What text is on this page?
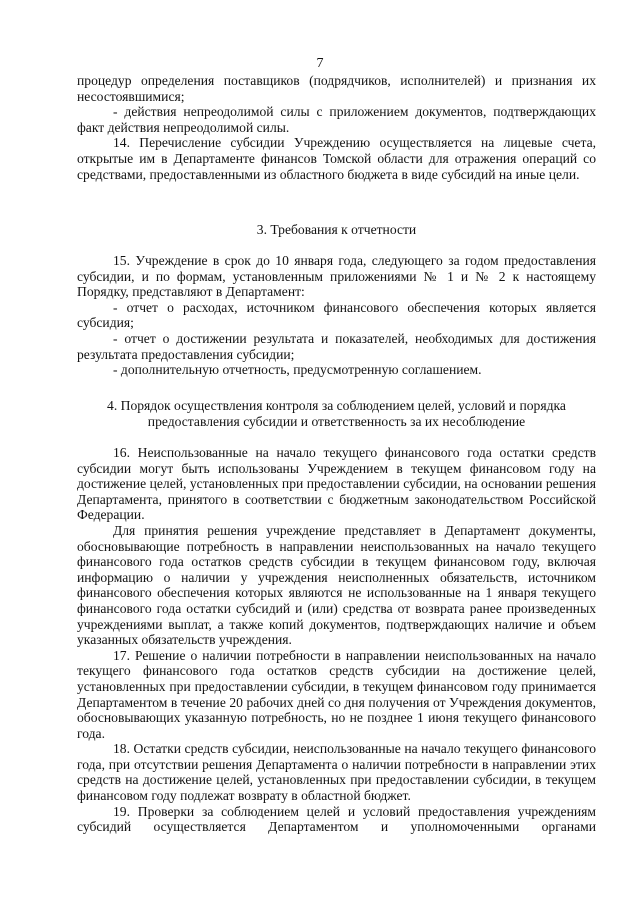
7

процедур определения поставщиков (подрядчиков, исполнителей) и признания их несостоявшимися;

- действия непреодолимой силы с приложением документов, подтверждающих факт действия непреодолимой силы.

14. Перечисление субсидии Учреждению осуществляется на лицевые счета, открытые им в Департаменте финансов Томской области для отражения операций со средствами, предоставленными из областного бюджета в виде субсидий на иные цели.

3. Требования к отчетности

15. Учреждение в срок до 10 января года, следующего за годом предоставления субсидии, и по формам, установленным приложениями № 1 и № 2 к настоящему Порядку, представляют в Департамент:

- отчет о расходах, источником финансового обеспечения которых является субсидия;

- отчет о достижении результата и показателей, необходимых для достижения результата предоставления субсидии;

- дополнительную отчетность, предусмотренную соглашением.

4. Порядок осуществления контроля за соблюдением целей, условий и порядка предоставления субсидии и ответственность за их несоблюдение

16. Неиспользованные на начало текущего финансового года остатки средств субсидии могут быть использованы Учреждением в текущем финансовом году на достижение целей, установленных при предоставлении субсидии, на основании решения Департамента, принятого в соответствии с бюджетным законодательством Российской Федерации.

Для принятия решения учреждение представляет в Департамент документы, обосновывающие потребность в направлении неиспользованных на начало текущего финансового года остатков средств субсидии в текущем финансовом году, включая информацию о наличии у учреждения неисполненных обязательств, источником финансового обеспечения которых являются не использованные на 1 января текущего финансового года остатки субсидий и (или) средства от возврата ранее произведенных учреждениями выплат, а также копий документов, подтверждающих наличие и объем указанных обязательств учреждения.

17. Решение о наличии потребности в направлении неиспользованных на начало текущего финансового года остатков средств субсидии на достижение целей, установленных при предоставлении субсидии, в текущем финансовом году принимается Департаментом в течение 20 рабочих дней со дня получения от Учреждения документов, обосновывающих указанную потребность, но не позднее 1 июня текущего финансового года.

18. Остатки средств субсидии, неиспользованные на начало текущего финансового года, при отсутствии решения Департамента о наличии потребности в направлении этих средств на достижение целей, установленных при предоставлении субсидии, в текущем финансовом году подлежат возврату в областной бюджет.

19. Проверки за соблюдением целей и условий предоставления учреждениям субсидий осуществляется Департаментом и уполномоченными органами
